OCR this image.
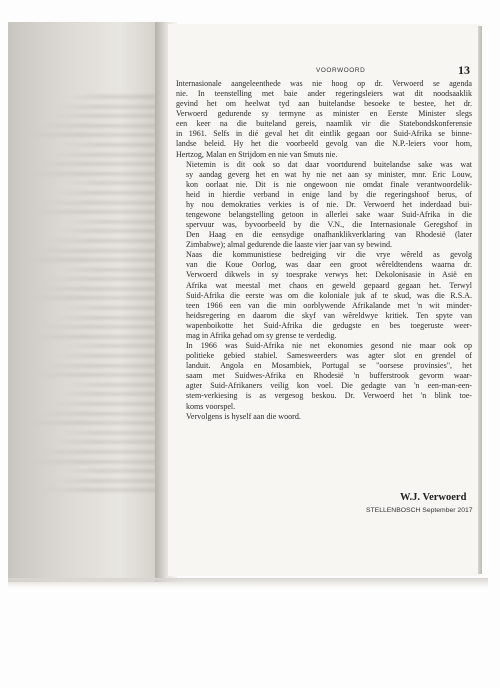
VOORWOORD	13

Internasionale aangeleenthede was nie hoog op dr. Verwoerd se agenda
nie. In teenstelling met baie ander regeringsleiers wat dit noodsaaklik
gevind het om heelwat tyd aan buitelandse besoeke te bestee, het dr.
Verwoerd gedurende sy termyne as minister en Eerste Minister slegs
een keer na die buiteland gereis, naamlik vir die Statebondskonferensie
in 1961. Selfs in dié geval het dit eintlik gegaan oor Suid-Afrika se binne-
landse beleid. Hy het die voorbeeld gevolg van die N.P.-leiers voor hom,
Hertzog, Malan en Strijdom en nie van Smuts nie.

Nietemin is dit ook so dat daar voortdurend buitelandse sake was wat
sy aandag geverg het en wat hy nie net aan sy minister, mnr. Eric Louw,
kon oorlaat nie. Dit is nie ongewoon nie omdat finale verantwoordelik-
heid in hierdie verband in enige land by die regeringshoof berus, of
hy nou demokraties verkies is of nie. Dr. Verwoerd het inderdaad bui-
tengewone belangstelling getoon in allerlei sake waar Suid-Afrika in die
spervuur was, byvoorbeeld by die V.N., die Internasionale Geregshof in
Den Haag en die eensydige onafhanklikverklaring van Rhodesië (later
Zimbabwe); almal gedurende die laaste vier jaar van sy bewind.

Naas die kommunistiese bedreiging vir die vrye wêreld as gevolg
van die Koue Oorlog, was daar een groot wêreldtendens waarna dr.
Verwoerd dikwels in sy toesprake verwys het: Dekolonisasie in Asië en
Afrika wat meestal met chaos en geweld gepaard gegaan het. Terwyl
Suid-Afrika die eerste was om die koloniale juk af te skud, was die R.S.A.
teen 1966 een van die min oorblywende Afrikalande met 'n wit minder-
heidsregering en daarom die skyf van wêreldwye kritiek. Ten spyte van
wapenboikotte het Suid-Afrika die gedugste en bes toegeruste weer-
mag in Afrika gehad om sy grense te verdedig.

In 1966 was Suid-Afrika nie net ekonomies gesond nie maar ook op
politieke gebied stabiel. Samesweerders was agter slot en grendel of
landuit. Angola en Mosambiek, Portugal se "oorsese provinsies", het
saam met Suidwes-Afrika en Rhodesië 'n bufferstrook gevorm waar-
agter Suid-Afrikaners veilig kon voel. Die gedagte van 'n een-man-een-
stem-verkiesing is as vergesog beskou. Dr. Verwoerd het 'n blink toe-
koms voorspel.

Vervolgens is hyself aan die woord.

W.J. Verwoerd
STELLENBOSCH September 2017
